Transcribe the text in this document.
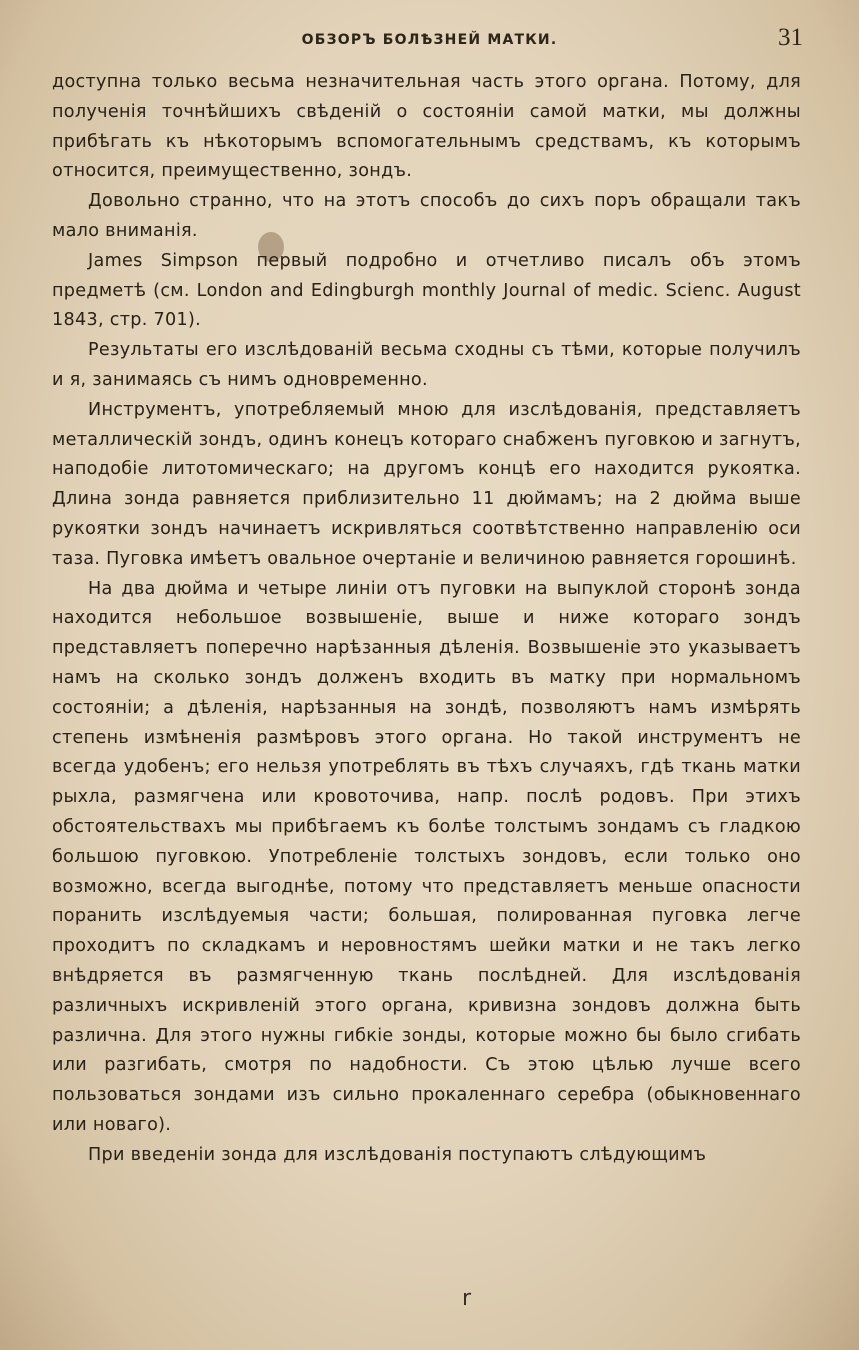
ОБЗОРЪ БОЛѢЗНЕЙ МАТКИ.	31

доступна только весьма незначительная часть этого органа. Потому, для полученія точнѣйшихъ свѣденій о состояніи самой матки, мы должны прибѣгать къ нѣкоторымъ вспомогательнымъ средствамъ, къ которымъ относится, преимущественно, зондъ.

Довольно странно, что на этотъ способъ до сихъ поръ обращали такъ мало вниманія.

James Simpson первый подробно и отчетливо писалъ объ этомъ предметѣ (см. London and Edingburgh monthly Journal of medic. Scienc. August 1843, стр. 701).

Результаты его изслѣдованій весьма сходны съ тѣми, которые получилъ и я, занимаясь съ нимъ одновременно.

Инструментъ, употребляемый мною для изслѣдованія, представляетъ металлическій зондъ, одинъ конецъ котораго снабженъ пуговкою и загнутъ, наподобіе литотомическаго; на другомъ концѣ его находится рукоятка. Длина зонда равняется приблизительно 11 дюймамъ; на 2 дюйма выше рукоятки зондъ начинаетъ искривляться соотвѣтственно направленію оси таза. Пуговка имѣетъ овальное очертаніе и величиною равняется горошинѣ.

На два дюйма и четыре линіи отъ пуговки на выпуклой сторонѣ зонда находится небольшое возвышеніе, выше и ниже котораго зондъ представляетъ поперечно нарѣзанныя дѣленія. Возвышеніе это указываетъ намъ на сколько зондъ долженъ входить въ матку при нормальномъ состояніи; а дѣленія, нарѣзанныя на зондѣ, позволяютъ намъ измѣрять степень измѣненія размѣровъ этого органа. Но такой инструментъ не всегда удобенъ; его нельзя употреблять въ тѣхъ случаяхъ, гдѣ ткань матки рыхла, размягчена или кровоточива, напр. послѣ родовъ. При этихъ обстоятельствахъ мы прибѣгаемъ къ болѣе толстымъ зондамъ съ гладкою большою пуговкою. Употребленіе толстыхъ зондовъ, если только оно возможно, всегда выгоднѣе, потому что представляетъ меньше опасности поранить изслѣдуемыя части; большая, полированная пуговка легче проходитъ по складкамъ и неровностямъ шейки матки и не такъ легко внѣдряется въ размягченную ткань послѣдней. Для изслѣдованія различныхъ искривленій этого органа, кривизна зондовъ должна быть различна. Для этого нужны гибкіе зонды, которые можно бы было сгибать или разгибать, смотря по надобности. Съ этою цѣлью лучше всего пользоваться зондами изъ сильно прокаленнаго серебра (обыкновеннаго или новаго).

При введеніи зонда для изслѣдованія поступаютъ слѣдующимъ

r
